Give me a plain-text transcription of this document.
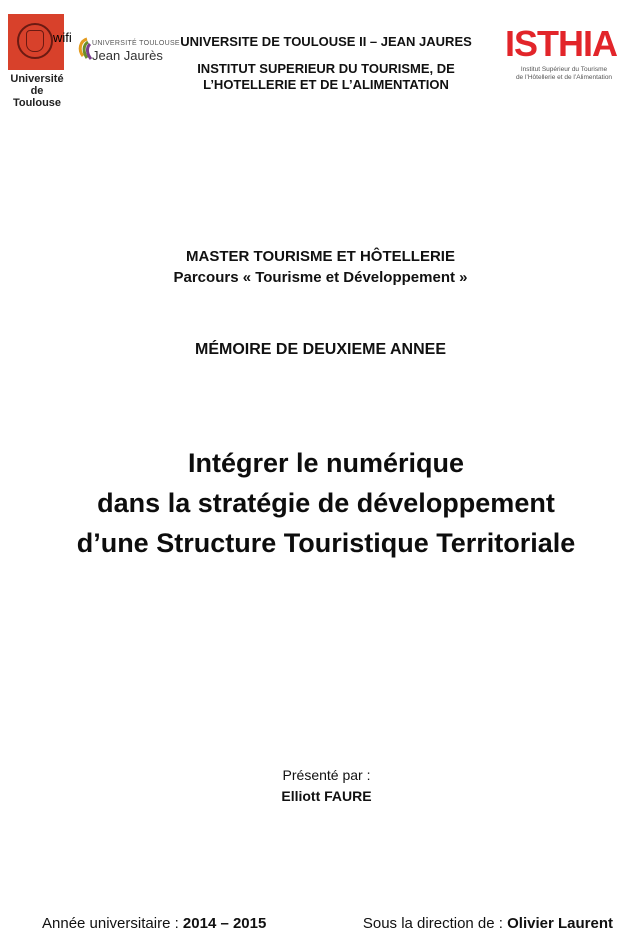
Université de Toulouse
wifi	UNIVERSITÉ TOULOUSE
Jean Jaurès
UNIVERSITE DE TOULOUSE II – JEAN JAURES
INSTITUT SUPERIEUR DU TOURISME, DE
L’HOTELLERIE ET DE L’ALIMENTATION
ISTHIA
Institut Supérieur du Tourisme
de l’Hôtellerie et de l’Alimentation
MASTER TOURISME ET HÔTELLERIE
Parcours « Tourisme et Développement »
MÉMOIRE DE DEUXIEME ANNEE
Intégrer le numérique
dans la stratégie de développement
d’une Structure Touristique Territoriale
Présenté par :
Elliott FAURE
Année universitaire : 2014 – 2015	Sous la direction de : Olivier Laurent
